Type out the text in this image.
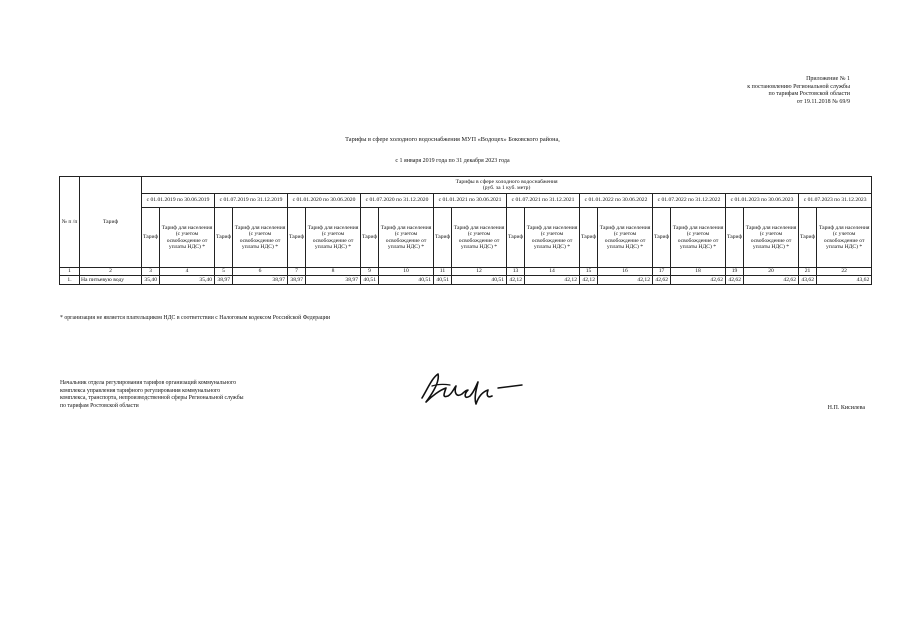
Приложение № 1
к постановлению Региональной службы
по тарифам Ростовской области
от 19.11.2018 № 69/9
Тарифы в сфере холодного водоснабжения МУП «Водоцех» Боковского района,
с 1 января 2019 года по 31 декабря 2023 года
№ п /п	Тариф	Тарифы в сфере холодного водоснабжения
(руб. за 1 куб. метр)																			

		с 01.01.2019 по 30.06.2019		с 01.07.2019 по 31.12.2019		с 01.01.2020 по 30.06.2020		с 01.07.2020 по 31.12.2020		с 01.01.2021 по 30.06.2021		с 01.07.2021 по 31.12.2021		с 01.01.2022 по 30.06.2022		с 01.07.2022 по 31.12.2022		с 01.01.2023 по 30.06.2023		с 01.07.2023 по 31.12.2023	
		Тариф	Тариф для населения (с учетом освобождение от уплаты НДС) *	Тариф	Тариф для населения (с учетом освобождение от уплаты НДС) *	Тариф	Тариф для населения (с учетом освобождение от уплаты НДС) *	Тариф	Тариф для населения (с учетом освобождение от уплаты НДС) *	Тариф	Тариф для населения (с учетом освобождение от уплаты НДС) *	Тариф	Тариф для населения (с учетом освобождение от уплаты НДС) *	Тариф	Тариф для населения (с учетом освобождение от уплаты НДС) *	Тариф	Тариф для населения (с учетом освобождение от уплаты НДС) *	Тариф	Тариф для населения (с учетом освобождение от уплаты НДС) *	Тариф	Тариф для населения (с учетом освобождение от уплаты НДС) *
1	2	3	4	5	6	7	8	9	10	11	12	13	14	15	16	17	18	19	20	21	22
1.	На питьевую воду	35,40	35,40	38,97	38,97	38,97	38,97	40,51	40,51	40,51	40,51	42,12	42,12	42,12	42,12	42,62	42,62	42,62	42,62	43,62	43,62
* организация не является плательщиком НДС в соответствии с Налоговым кодексом Российской Федерации
Начальник отдела регулирования тарифов организаций коммунального
комплекса управления тарифного регулирования коммунального
комплекса, транспорта, непроизводственной сферы Региональной службы
по тарифам Ростовской области	Н.П. Кисилева
